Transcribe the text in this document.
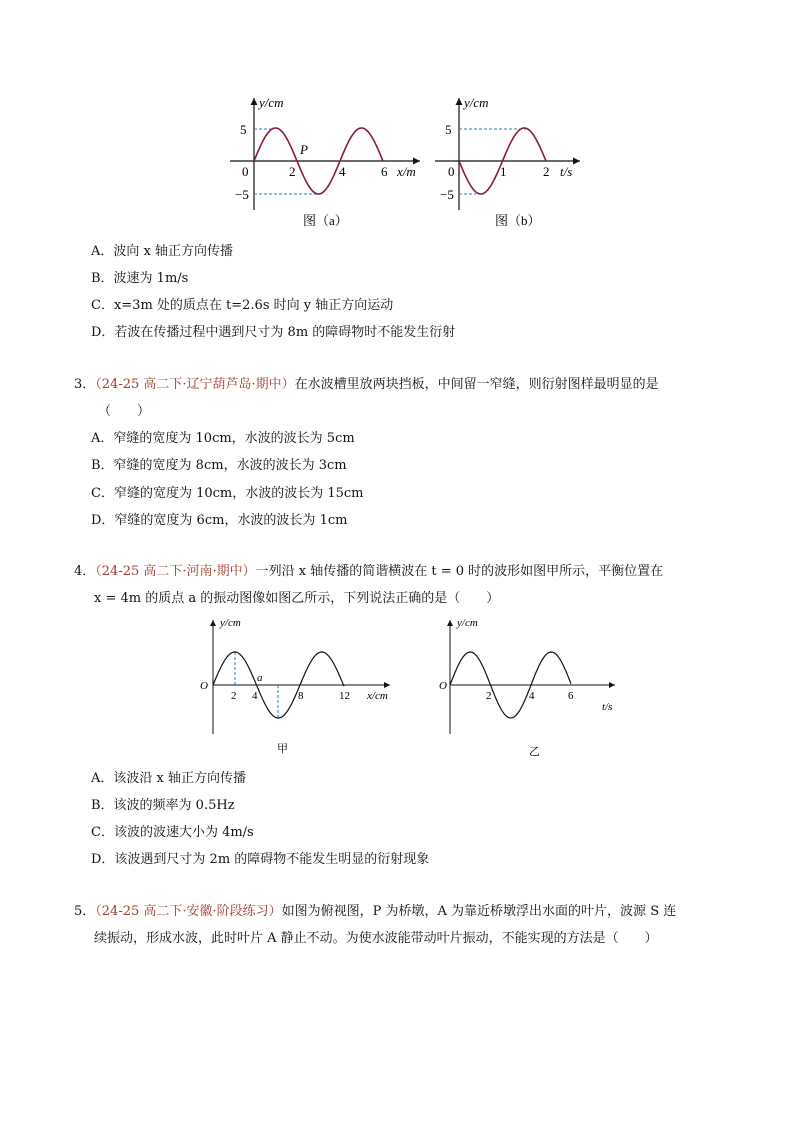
y/cm
5
−5
0	2	4	6 x/m
P
图（a）
y/cm
5
−5
0	1	2 t/s
图（b）
A．波向 x 轴正方向传播
B．波速为 1m/s
C．x=3m 处的质点在 t=2.6s 时向 y 轴正方向运动
D．若波在传播过程中遇到尺寸为 8m 的障碍物时不能发生衍射
3．（24-25 高二下·辽宁葫芦岛·期中）在水波槽里放两块挡板，中间留一窄缝，则衍射图样最明显的是
（　　）
A．窄缝的宽度为 10cm，水波的波长为 5cm
B．窄缝的宽度为 8cm，水波的波长为 3cm
C．窄缝的宽度为 10cm，水波的波长为 15cm
D．窄缝的宽度为 6cm，水波的波长为 1cm
4．（24-25 高二下·河南·期中）一列沿 x 轴传播的简谐横波在 t = 0 时的波形如图甲所示，平衡位置在
x = 4m 的质点 a 的振动图像如图乙所示，下列说法正确的是（　　）
y/cm
O
2 4	8	12 x/cm
a
甲
y/cm
O
2	4	6
t/s
乙
A．该波沿 x 轴正方向传播
B．该波的频率为 0.5Hz
C．该波的波速大小为 4m/s
D．该波遇到尺寸为 2m 的障碍物不能发生明显的衍射现象
5．（24-25 高二下·安徽·阶段练习）如图为俯视图，P 为桥墩，A 为靠近桥墩浮出水面的叶片，波源 S 连
续振动，形成水波，此时叶片 A 静止不动。为使水波能带动叶片振动，不能实现的方法是（　　）
